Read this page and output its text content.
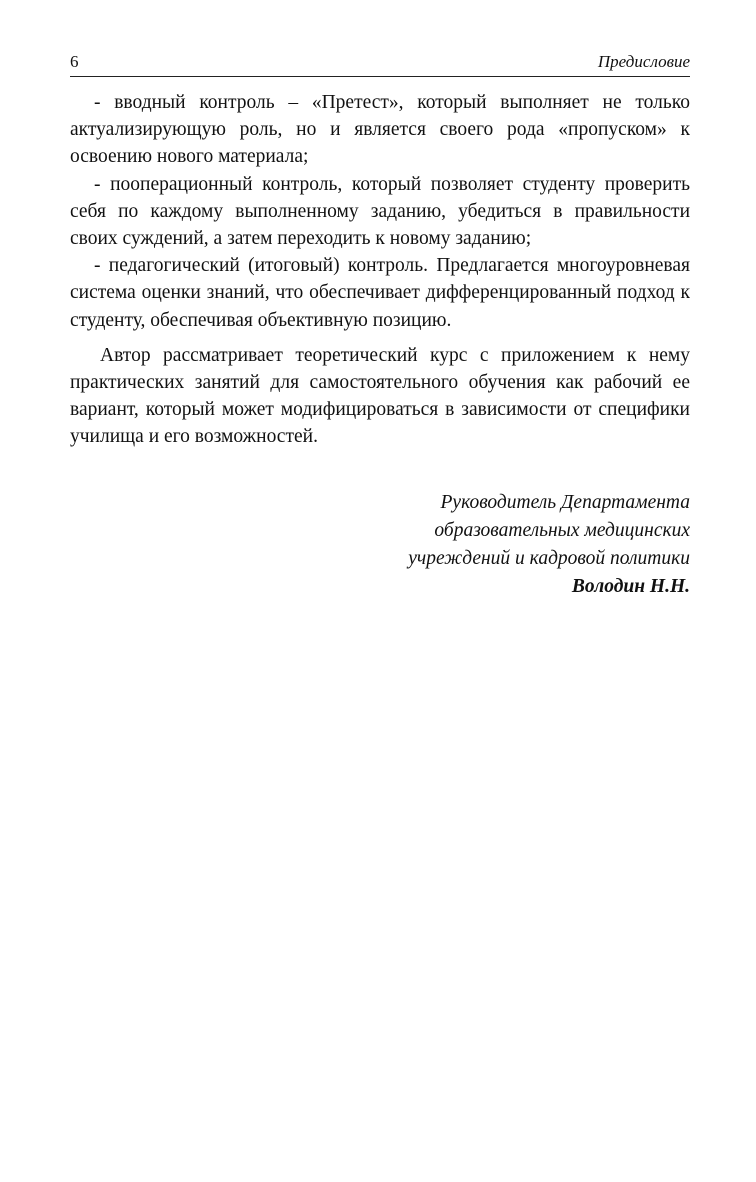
6	Предисловие

- вводный контроль – «Претест», который выполняет не только актуализирующую роль, но и является своего рода «пропуском» к освоению нового материала;

- пооперационный контроль, который позволяет студенту проверить себя по каждому выполненному заданию, убедиться в правильности своих суждений, а затем переходить к новому заданию;

- педагогический (итоговый) контроль. Предлагается многоуровневая система оценки знаний, что обеспечивает дифференцированный подход к студенту, обеспечивая объективную позицию.

Автор рассматривает теоретический курс с приложением к нему практических занятий для самостоятельного обучения как рабочий ее вариант, который может модифицироваться в зависимости от специфики училища и его возможностей.

Руководитель Департамента
образовательных медицинских
учреждений и кадровой политики
Володин Н.Н.
